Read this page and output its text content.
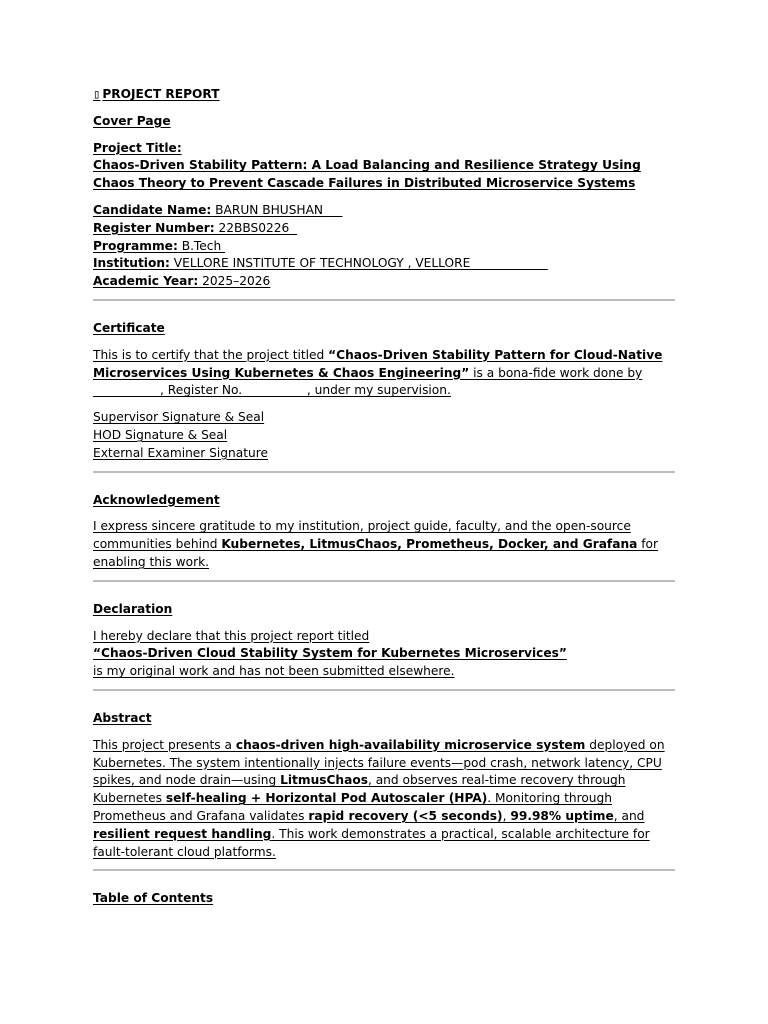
▯ PROJECT REPORT

Cover Page

Project Title:

Chaos-Driven Stability Pattern: A Load Balancing and Resilience Strategy Using Chaos Theory to Prevent Cascade Failures in Distributed Microservice Systems

Candidate Name: BARUN BHUSHAN

Register Number: 22BBS0226

Programme: B.Tech

Institution: VELLORE INSTITUTE OF TECHNOLOGY , VELLORE

Academic Year: 2025–2026

Certificate

This is to certify that the project titled “Chaos-Driven Stability Pattern for Cloud-Native Microservices Using Kubernetes & Chaos Engineering” is a bona-fide work done by ___________, Register No. __________, under my supervision.

Supervisor Signature & Seal

HOD Signature & Seal

External Examiner Signature

Acknowledgement

I express sincere gratitude to my institution, project guide, faculty, and the open-source communities behind Kubernetes, LitmusChaos, Prometheus, Docker, and Grafana for enabling this work.

Declaration

I hereby declare that this project report titled

“Chaos-Driven Cloud Stability System for Kubernetes Microservices”

is my original work and has not been submitted elsewhere.

Abstract

This project presents a chaos-driven high-availability microservice system deployed on Kubernetes. The system intentionally injects failure events—pod crash, network latency, CPU spikes, and node drain—using LitmusChaos, and observes real-time recovery through Kubernetes self-healing + Horizontal Pod Autoscaler (HPA). Monitoring through Prometheus and Grafana validates rapid recovery (<5 seconds), 99.98% uptime, and resilient request handling. This work demonstrates a practical, scalable architecture for fault-tolerant cloud platforms.

Table of Contents
